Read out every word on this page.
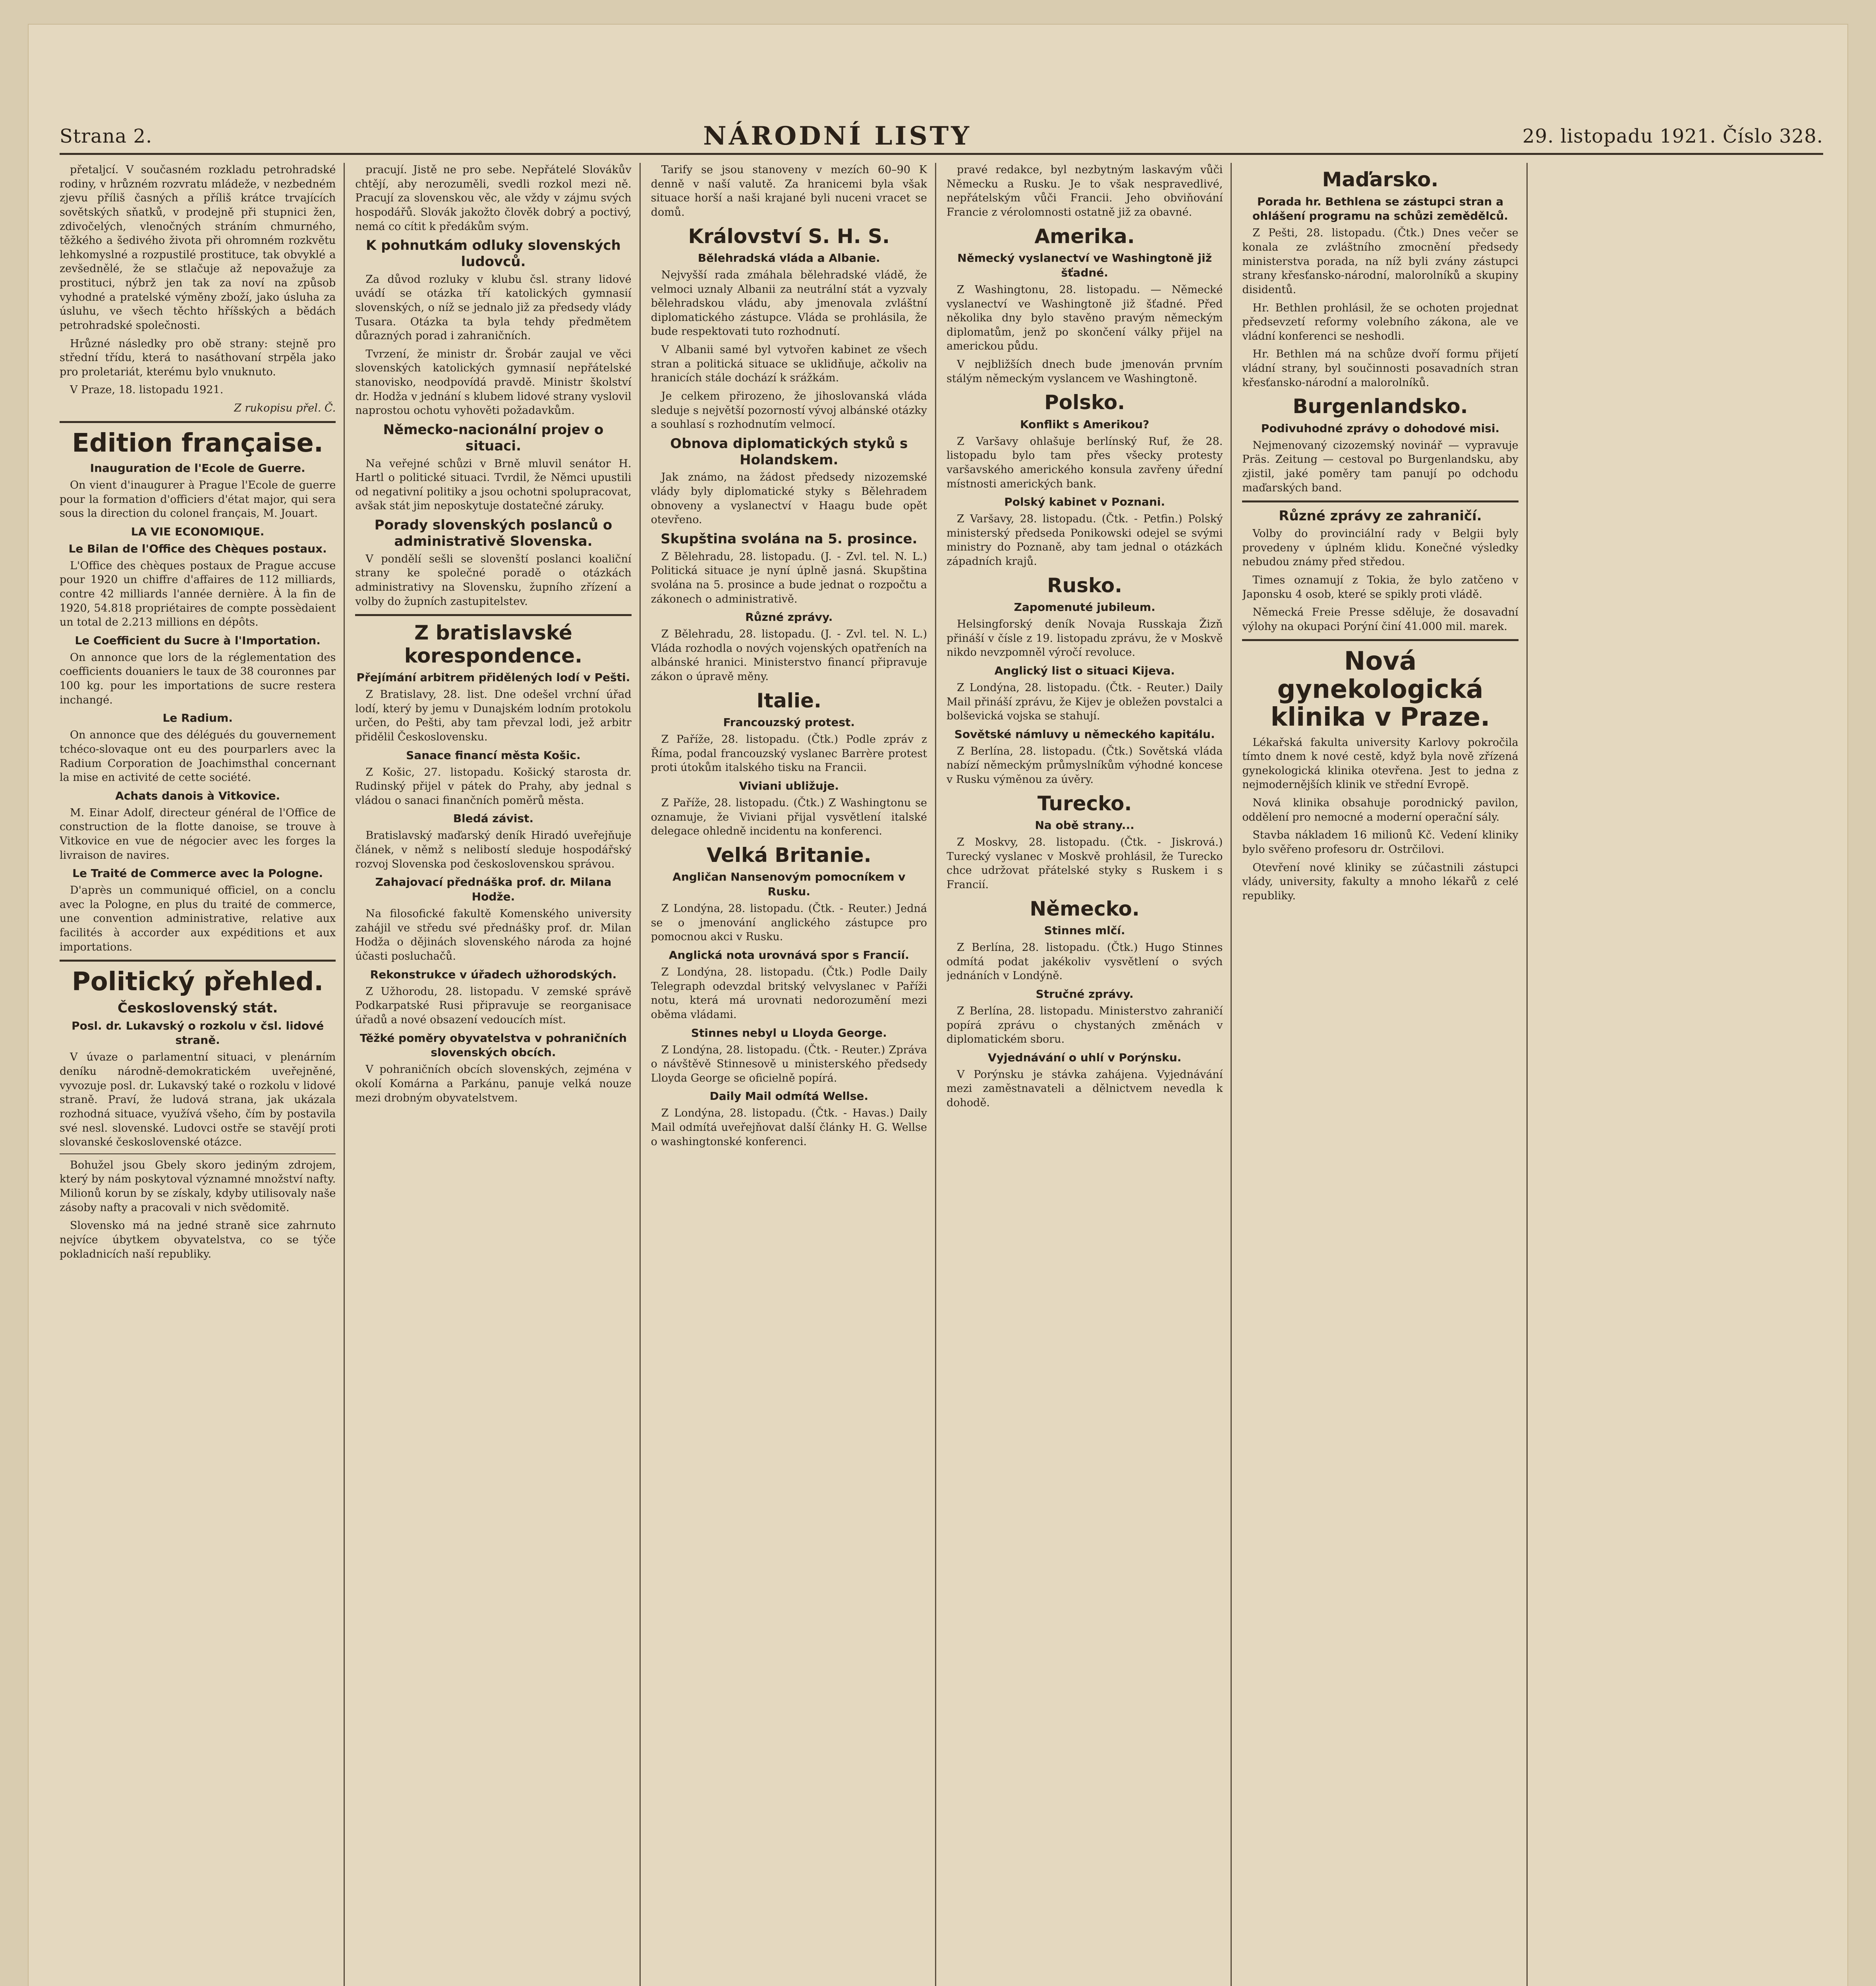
Strana 2.	NÁRODNÍ LISTY	29. listopadu 1921. Číslo 328.
přetaljcí. V současném rozkladu petrohradské rodiny, v hrůzném rozvratu mládeže, v nezbedném zjevu příliš časných a příliš krátce trvajících sovětských sňatků, v prodejně při stupnici žen, zdivočelých, vlenočných stráním chmurného, těžkého a šedivého života při ohromném rozkvětu lehkomyslné a rozpustilé prostituce, tak obvyklé a zevšednělé, že se stlačuje až nepovažuje za prostituci, nýbrž jen tak za noví na způsob vyhodné a pratelské výměny zboží, jako úsluha za úsluhu, ve všech těchto hříšských a bědách petrohradské společnosti.
Hrůzné následky pro obě strany: stejně pro střední třídu, která to nasáthovaní strpěla jako pro proletariát, kterému bylo vnuknuto.
V Praze, 18. listopadu 1921.
Z rukopisu přel. Č.
Edition française.
Inauguration de l'Ecole de Guerre.
On vient d'inaugurer à Prague l'Ecole de guerre pour la formation d'officiers d'état major, qui sera sous la direction du colonel français, M. Jouart.
LA VIE ECONOMIQUE.
Le Bilan de l'Office des Chèques postaux.
L'Office des chèques postaux de Prague accuse pour 1920 un chiffre d'affaires de 112 milliards, contre 42 milliards l'année dernière. À la fin de 1920, 54.818 propriétaires de compte possèdaient un total de 2.213 millions en dépôts.
Le Coefficient du Sucre à l'Importation.
On annonce que lors de la réglementation des coefficients douaniers le taux de 38 couronnes par 100 kg. pour les importations de sucre restera inchangé.
Le Radium.
On annonce que des délégués du gouvernement tchéco-slovaque ont eu des pourparlers avec la Radium Corporation de Joachimsthal concernant la mise en activité de cette société.
Achats danois à Vitkovice.
M. Einar Adolf, directeur général de l'Office de construction de la flotte danoise, se trouve à Vitkovice en vue de négocier avec les forges la livraison de navires.
Le Traité de Commerce avec la Pologne.
D'après un communiqué officiel, on a conclu avec la Pologne, en plus du traité de commerce, une convention administrative, relative aux facilités à accorder aux expéditions et aux importations.
Politický přehled.
Československý stát.
Posl. dr. Lukavský o rozkolu v čsl. lidové straně.
V úvaze o parlamentní situaci, v plenárním deníku národně-demokratickém uveřejněné, vyvozuje posl. dr. Lukavský také o rozkolu v lidové straně. Praví, že ludová strana, jak ukázala rozhodná situace, využívá všeho, čím by postavila své nesl. slovenské. Ludovci ostře se stavějí proti slovanské československé otázce.
Bohužel jsou Gbely skoro jediným zdrojem, který by nám poskytoval významné množství nafty. Milionů korun by se získaly, kdyby utilisovaly naše zásoby nafty a pracovali v nich svědomitě.
Slovensko má na jedné straně sice zahrnuto nejvíce úbytkem obyvatelstva, co se týče pokladnicích naší republiky.
pracují. Jistě ne pro sebe. Nepřátelé Slovákův chtějí, aby nerozuměli, svedli rozkol mezi ně. Pracují za slovenskou věc, ale vždy v zájmu svých hospodářů. Slovák jakožto člověk dobrý a poctivý, nemá co cítit k předákům svým.
K pohnutkám odluky slovenských ludovců.
Za důvod rozluky v klubu čsl. strany lidové uvádí se otázka tří katolických gymnasií slovenských, o níž se jednalo již za předsedy vlády Tusara. Otázka ta byla tehdy předmětem důrazných porad i zahraničních.
Tvrzení, že ministr dr. Šrobár zaujal ve věci slovenských katolických gymnasií nepřátelské stanovisko, neodpovídá pravdě. Ministr školství dr. Hodža v jednání s klubem lidové strany vyslovil naprostou ochotu vyhověti požadavkům.
Německo-nacionální projev o situaci.
Na veřejné schůzi v Brně mluvil senátor H. Hartl o politické situaci. Tvrdil, že Němci upustili od negativní politiky a jsou ochotni spolupracovat, avšak stát jim neposkytuje dostatečné záruky.
Porady slovenských poslanců o administrativě Slovenska.
V pondělí sešli se slovenští poslanci koaliční strany ke společné poradě o otázkách administrativy na Slovensku, župního zřízení a volby do župních zastupitelstev.
Z bratislavské korespondence.
Přejímání arbitrem přidělených lodí v Pešti.
Z Bratislavy, 28. list. Dne odešel vrchní úřad lodí, který by jemu v Dunajském lodním protokolu určen, do Pešti, aby tam převzal lodi, jež arbitr přidělil Československu.
Sanace financí města Košic.
Z Košic, 27. listopadu. Košický starosta dr. Rudinský přijel v pátek do Prahy, aby jednal s vládou o sanaci finančních poměrů města.
Bledá závist.
Bratislavský maďarský deník Hiradó uveřejňuje článek, v němž s nelibostí sleduje hospodářský rozvoj Slovenska pod československou správou.
Zahajovací přednáška prof. dr. Milana Hodže.
Na filosofické fakultě Komenského university zahájil ve středu své přednášky prof. dr. Milan Hodža o dějinách slovenského národa za hojné účasti posluchačů.
Rekonstrukce v úřadech užhorodských.
Z Užhorodu, 28. listopadu. V zemské správě Podkarpatské Rusi připravuje se reorganisace úřadů a nové obsazení vedoucích míst.
Těžké poměry obyvatelstva v pohraničních slovenských obcích.
V pohraničních obcích slovenských, zejména v okolí Komárna a Parkánu, panuje velká nouze mezi drobným obyvatelstvem.
Tarify se jsou stanoveny v mezích 60–90 K denně v naší valutě. Za hranicemi byla však situace horší a naši krajané byli nuceni vracet se domů.
Království S. H. S.
Bělehradská vláda a Albanie.
Nejvyšší rada zmáhala bělehradské vládě, že velmoci uznaly Albanii za neutrální stát a vyzvaly bělehradskou vládu, aby jmenovala zvláštní diplomatického zástupce. Vláda se prohlásila, že bude respektovati tuto rozhodnutí.
V Albanii samé byl vytvořen kabinet ze všech stran a politická situace se uklidňuje, ačkoliv na hranicích stále dochází k srážkám.
Je celkem přirozeno, že jihoslovanská vláda sleduje s největší pozorností vývoj albánské otázky a souhlasí s rozhodnutím velmocí.
Obnova diplomatických styků s Holandskem.
Jak známo, na žádost předsedy nizozemské vlády byly diplomatické styky s Bělehradem obnoveny a vyslanectví v Haagu bude opět otevřeno.
Skupština svolána na 5. prosince.
Z Bělehradu, 28. listopadu. (J. - Zvl. tel. N. L.) Politická situace je nyní úplně jasná. Skupština svolána na 5. prosince a bude jednat o rozpočtu a zákonech o administrativě.
Různé zprávy.
Z Bělehradu, 28. listopadu. (J. - Zvl. tel. N. L.) Vláda rozhodla o nových vojenských opatřeních na albánské hranici. Ministerstvo financí připravuje zákon o úpravě měny.
Italie.
Francouzský protest.
Z Paříže, 28. listopadu. (Čtk.) Podle zpráv z Říma, podal francouzský vyslanec Barrère protest proti útokům italského tisku na Francii.
Viviani ubližuje.
Z Paříže, 28. listopadu. (Čtk.) Z Washingtonu se oznamuje, že Viviani přijal vysvětlení italské delegace ohledně incidentu na konferenci.
Velká Britanie.
Angličan Nansenovým pomocníkem v Rusku.
Z Londýna, 28. listopadu. (Čtk. - Reuter.) Jedná se o jmenování anglického zástupce pro pomocnou akci v Rusku.
Anglická nota urovnává spor s Francií.
Z Londýna, 28. listopadu. (Čtk.) Podle Daily Telegraph odevzdal britský velvyslanec v Paříži notu, která má urovnati nedorozumění mezi oběma vládami.
Stinnes nebyl u Lloyda George.
Z Londýna, 28. listopadu. (Čtk. - Reuter.) Zpráva o návštěvě Stinnesově u ministerského předsedy Lloyda George se oficielně popírá.
Daily Mail odmítá Wellse.
Z Londýna, 28. listopadu. (Čtk. - Havas.) Daily Mail odmítá uveřejňovat další články H. G. Wellse o washingtonské konferenci.
pravé redakce, byl nezbytným laskavým vůči Německu a Rusku. Je to však nespravedlivé, nepřátelským vůči Francii. Jeho obviňování Francie z vérolomnosti ostatně již za obavné.
Amerika.
Německý vyslanectví ve Washingtoně již šťadné.
Z Washingtonu, 28. listopadu. — Německé vyslanectví ve Washingtoně již šťadné. Před několika dny bylo stavěno pravým německým diplomatům, jenž po skončení války přijel na americkou půdu.
V nejbližších dnech bude jmenován prvním stálým německým vyslancem ve Washingtoně.
Polsko.
Konflikt s Amerikou?
Z Varšavy ohlašuje berlínský Ruf, že 28. listopadu bylo tam přes všecky protesty varšavského amerického konsula zavřeny úřední místnosti amerických bank.
Polský kabinet v Poznani.
Z Varšavy, 28. listopadu. (Čtk. - Petfin.) Polský ministerský předseda Ponikowski odejel se svými ministry do Poznaně, aby tam jednal o otázkách západních krajů.
Rusko.
Zapomenuté jubileum.
Helsingforský deník Novaja Russkaja Žizň přináší v čísle z 19. listopadu zprávu, že v Moskvě nikdo nevzpomněl výročí revoluce.
Anglický list o situaci Kijeva.
Z Londýna, 28. listopadu. (Čtk. - Reuter.) Daily Mail přináší zprávu, že Kijev je obležen povstalci a bolševická vojska se stahují.
Sovětské námluvy u německého kapitálu.
Z Berlína, 28. listopadu. (Čtk.) Sovětská vláda nabízí německým průmyslníkům výhodné koncese v Rusku výměnou za úvěry.
Turecko.
Na obě strany...
Z Moskvy, 28. listopadu. (Čtk. - Jiskrová.) Turecký vyslanec v Moskvě prohlásil, že Turecko chce udržovat přátelské styky s Ruskem i s Francií.
Německo.
Stinnes mlčí.
Z Berlína, 28. listopadu. (Čtk.) Hugo Stinnes odmítá podat jakékoliv vysvětlení o svých jednáních v Londýně.
Stručné zprávy.
Z Berlína, 28. listopadu. Ministerstvo zahraničí popírá zprávu o chystaných změnách v diplomatickém sboru.
Vyjednávání o uhlí v Porýnsku.
V Porýnsku je stávka zahájena. Vyjednávání mezi zaměstnavateli a dělnictvem nevedla k dohodě.
Maďarsko.
Porada hr. Bethlena se zástupci stran a ohlášení programu na schůzi zemědělců.
Z Pešti, 28. listopadu. (Čtk.) Dnes večer se konala ze zvláštního zmocnění předsedy ministerstva porada, na níž byli zvány zástupci strany křesťansko-národní, malorolníků a skupiny disidentů.
Hr. Bethlen prohlásil, že se ochoten projednat předsevzetí reformy volebního zákona, ale ve vládní konferenci se neshodli.
Hr. Bethlen má na schůze dvoří formu přijetí vládní strany, byl součinnosti posavadních stran křesťansko-národní a malorolníků.
Burgenlandsko.
Podivuhodné zprávy o dohodové misi.
Nejmenovaný cizozemský novinář — vypravuje Präs. Zeitung — cestoval po Burgenlandsku, aby zjistil, jaké poměry tam panují po odchodu maďarských band.
Různé zprávy ze zahraničí.
Volby do provinciální rady v Belgii byly provedeny v úplném klidu. Konečné výsledky nebudou známy před středou.
Times oznamují z Tokia, že bylo zatčeno v Japonsku 4 osob, které se spikly proti vládě.
Německá Freie Presse sděluje, že dosavadní výlohy na okupaci Porýní činí 41.000 mil. marek.
Nová gynekologická klinika v Praze.
Lékařská fakulta university Karlovy pokročila tímto dnem k nové cestě, když byla nově zřízená gynekologická klinika otevřena. Jest to jedna z nejmodernějších klinik ve střední Evropě.
Nová klinika obsahuje porodnický pavilon, oddělení pro nemocné a moderní operační sály.
Stavba nákladem 16 milionů Kč. Vedení kliniky bylo svěřeno profesoru dr. Ostrčilovi.
Otevření nové kliniky se zúčastnili zástupci vlády, university, fakulty a mnoho lékařů z celé republiky.
